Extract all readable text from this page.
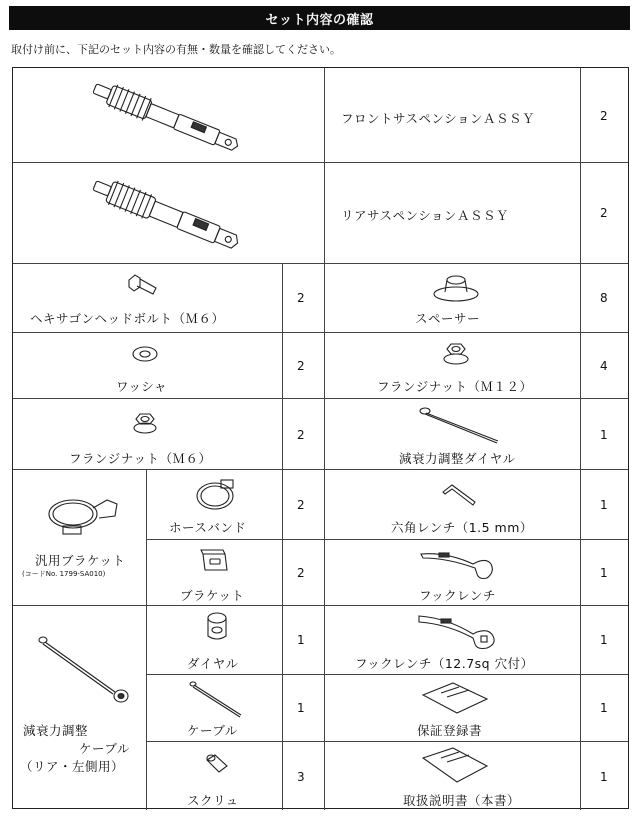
セット内容の確認
取付け前に、下記のセット内容の有無・数量を確認してください。
フロントサスペンションＡＳＳＹ	2
リアサスペンションＡＳＳＹ	2
ヘキサゴンヘッドボルト（Ｍ６）
2
スペーサー
8
ワッシャ
2
フランジナット（Ｍ１２）
4
フランジナット（Ｍ６）
2
減衰力調整ダイヤル
1
汎用ブラケット
(コードNo. 1799-SA010)
ホースバンド
2
六角レンチ（1.5 mm）
1
ブラケット
2
フックレンチ
1
減衰力調整
ケーブル
（リア・左側用）
ダイヤル
1
フックレンチ（12.7sq 穴付）
1
ケーブル
1
保証登録書
1
スクリュ
3
取扱説明書（本書）
1
